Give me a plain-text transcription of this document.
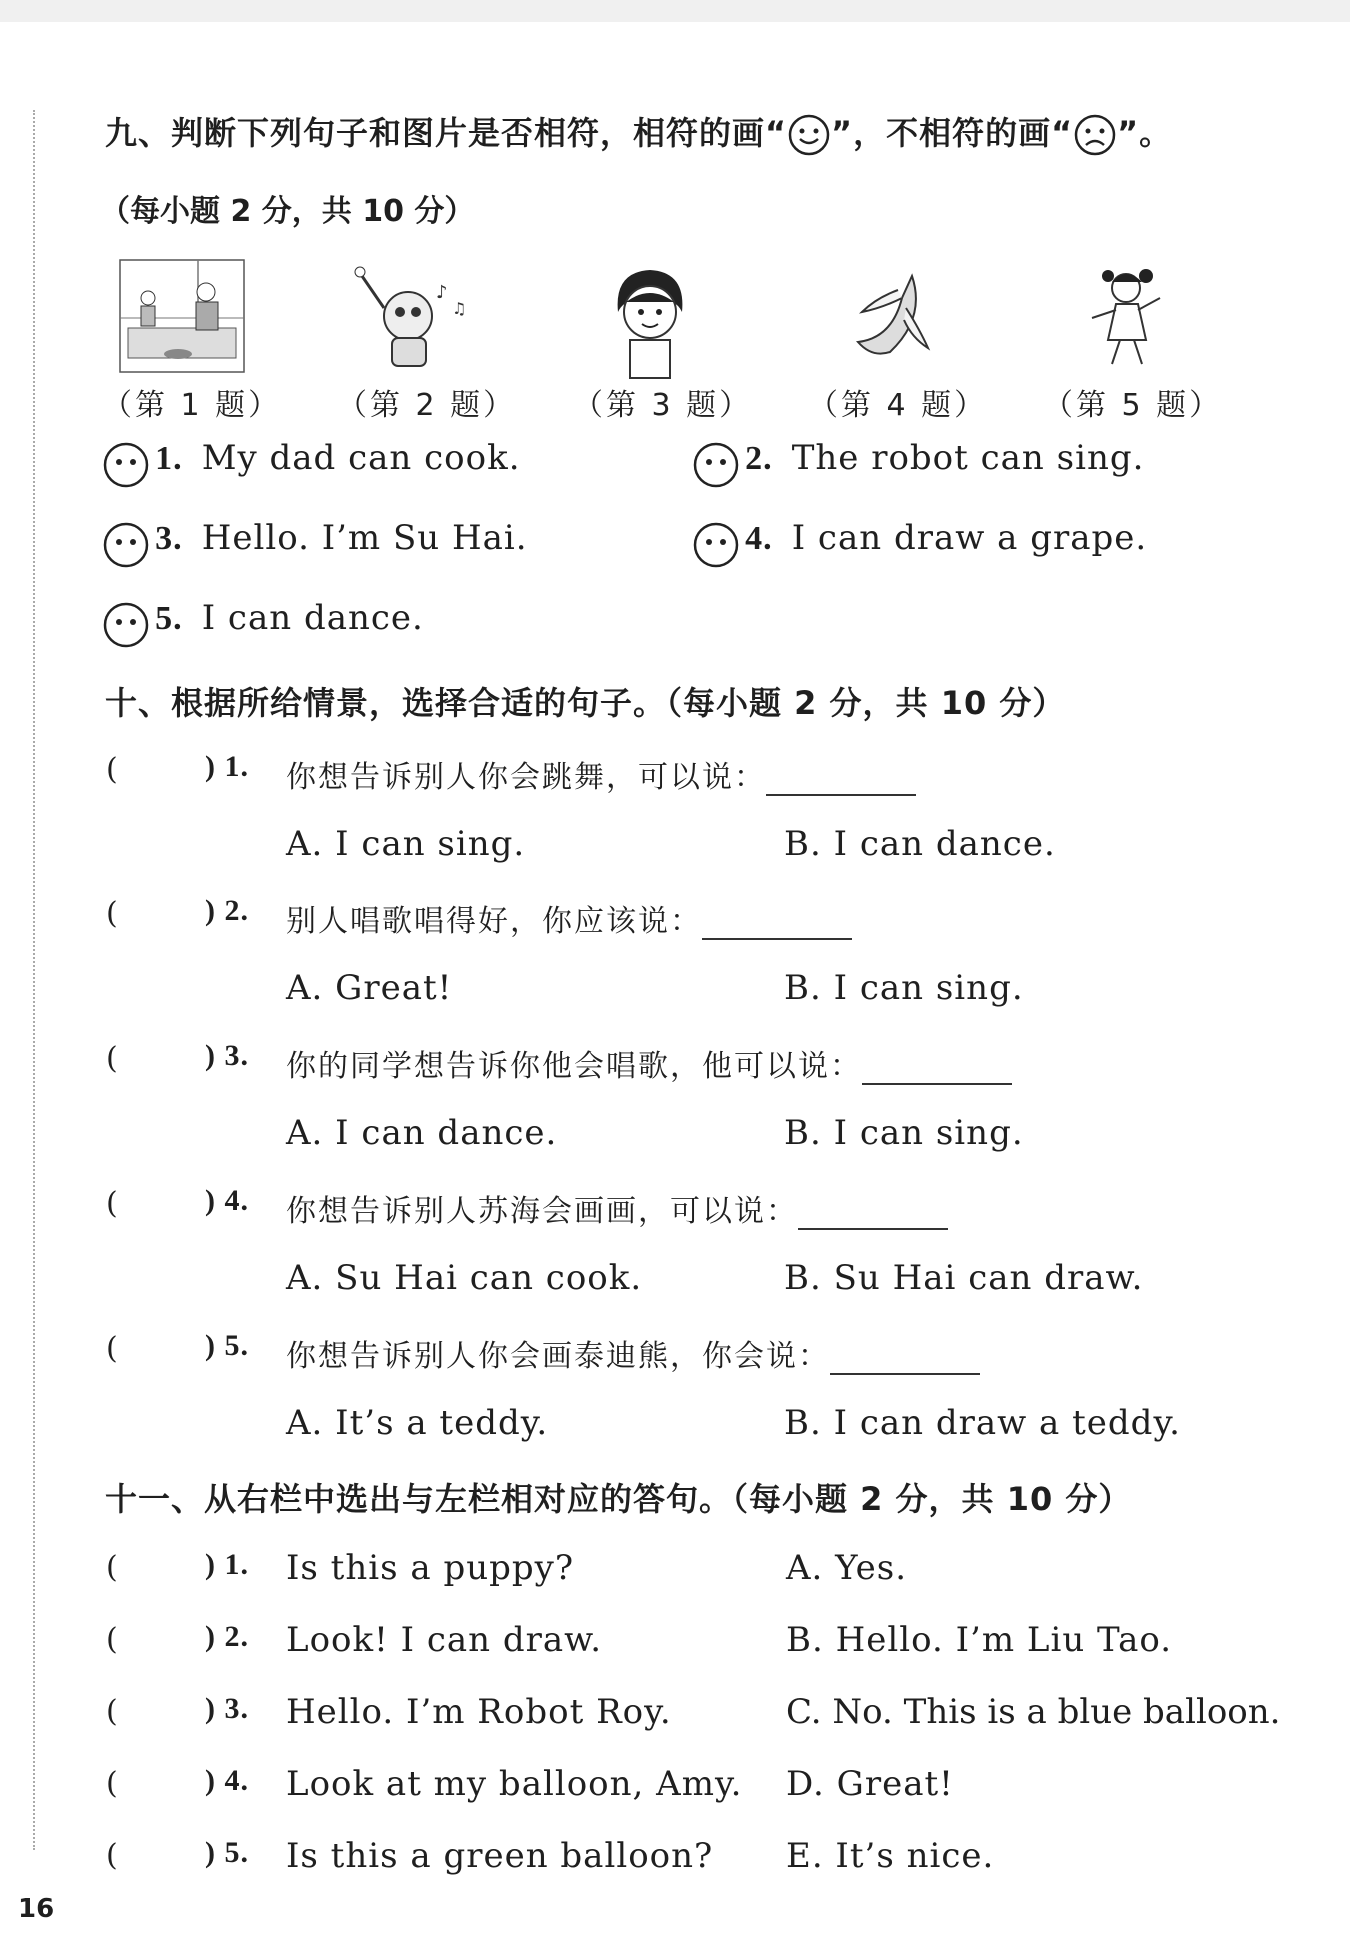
九、判断下列句子和图片是否相符，相符的画“ ”，不相符的画“ ”。
（每小题 2 分，共 10 分）
♪
♫
（第 1 题） （第 2 题） （第 3 题） （第 4 题） （第 5 题）
1. My dad can cook.	2. The robot can sing.
3. Hello. I’m Su Hai.	4. I can draw a grape.
5. I can dance.
十、根据所给情景，选择合适的句子。（每小题 2 分，共 10 分）
(	) 1. 你想告诉别人你会跳舞，可以说：
A. I can sing.	B. I can dance.
(	) 2. 别人唱歌唱得好，你应该说：
A. Great!	B. I can sing.
(	) 3. 你的同学想告诉你他会唱歌，他可以说：
A. I can dance.	B. I can sing.
(	) 4. 你想告诉别人苏海会画画，可以说：
A. Su Hai can cook.	B. Su Hai can draw.
(	) 5. 你想告诉别人你会画泰迪熊，你会说：
A. It’s a teddy.	B. I can draw a teddy.
十一、从右栏中选出与左栏相对应的答句。（每小题 2 分，共 10 分）
(	) 1. Is this a puppy?	A. Yes.
(	) 2. Look! I can draw.	B. Hello. I’m Liu Tao.
(	) 3. Hello. I’m Robot Roy.	C. No. This is a blue balloon.
(	) 4. Look at my balloon, Amy. D. Great!
(	) 5. Is this a green balloon? E. It’s nice.
16
